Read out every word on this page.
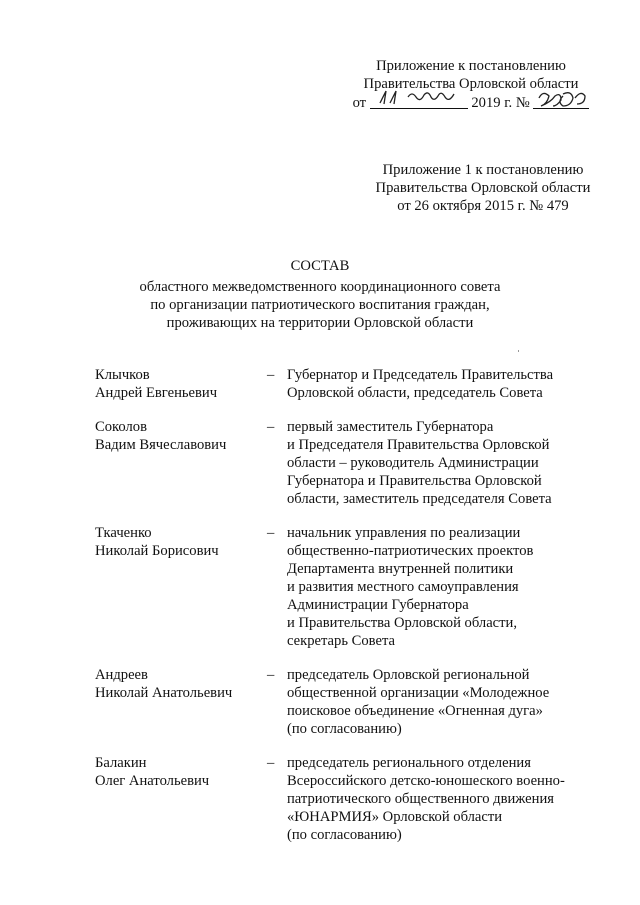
Приложение к постановлению
Правительства Орловской области
от	2019 г. №
Приложение 1 к постановлению
Правительства Орловской области
от 26 октября 2015 г. № 479
СОСТАВ
областного межведомственного координационного совета
по организации патриотического воспитания граждан,
проживающих на территории Орловской области
Клычков
Андрей Евгеньевич
– Губернатор и Председатель Правительства
Орловской области, председатель Совета
Соколов
Вадим Вячеславович
– первый заместитель Губернатора
и Председателя Правительства Орловской
области – руководитель Администрации
Губернатора и Правительства Орловской
области, заместитель председателя Совета
Ткаченко
Николай Борисович
– начальник управления по реализации
общественно-патриотических проектов
Департамента внутренней политики
и развития местного самоуправления
Администрации Губернатора
и Правительства Орловской области,
секретарь Совета
Андреев
Николай Анатольевич
– председатель Орловской региональной
общественной организации «Молодежное
поисковое объединение «Огненная дуга»
(по согласованию)
Балакин
Олег Анатольевич
– председатель регионального отделения
Всероссийского детско-юношеского военно-
патриотического общественного движения
«ЮНАРМИЯ» Орловской области
(по согласованию)
